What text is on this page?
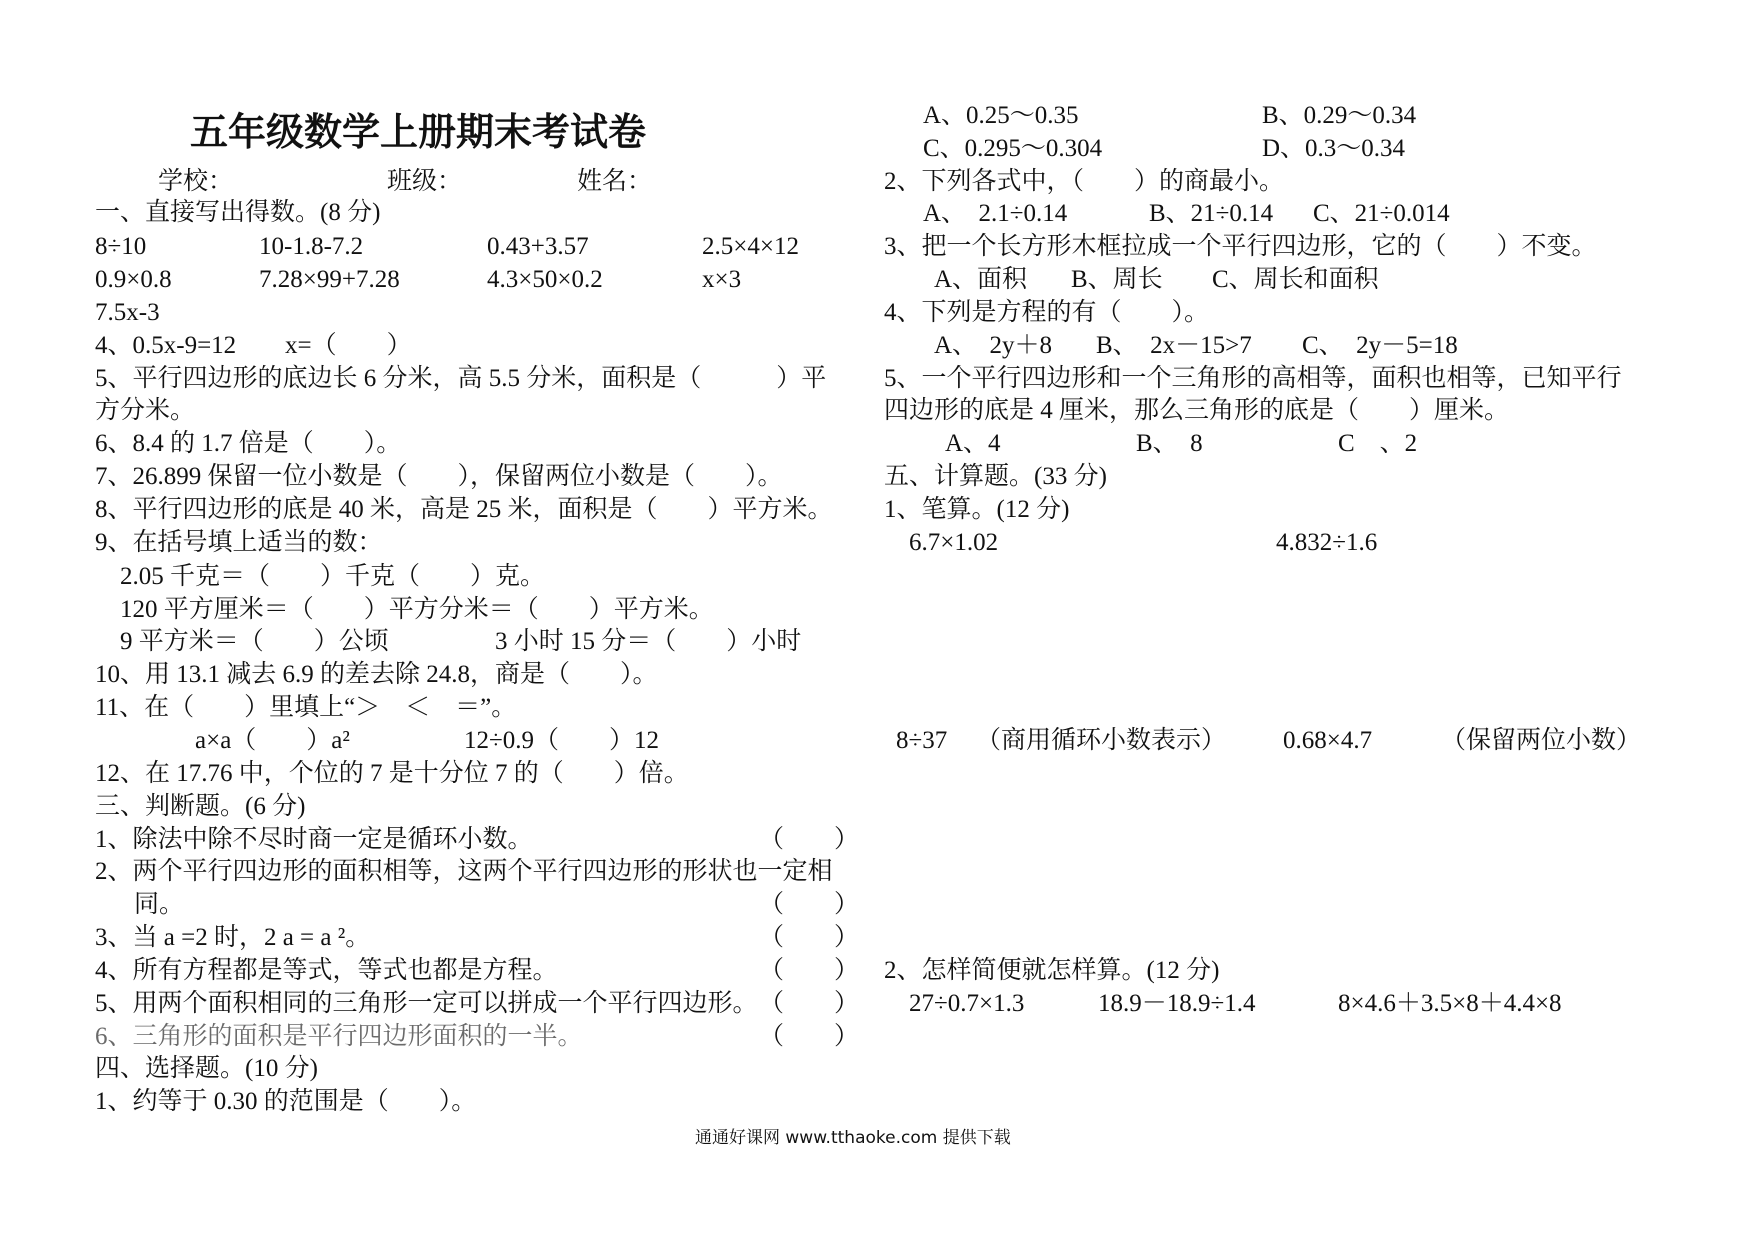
五年级数学上册期末考试卷
学校：	班级：	姓名：
一、直接写出得数。(8 分)
8÷10	10-1.8-7.2	0.43+3.57	2.5×4×12
0.9×0.8	7.28×99+7.28	4.3×50×0.2	x×3
7.5x-3
4、0.5x-9=12 x=（　　）
5、平行四边形的底边长 6 分米，高 5.5 分米，面积是（　　　）平
方分米。
6、8.4 的 1.7 倍是（　　）。
7、26.899 保留一位小数是（　　），保留两位小数是（　　）。
8、平行四边形的底是 40 米，高是 25 米，面积是（　　）平方米。
9、在括号填上适当的数：
2.05 千克＝（　　）千克（　　）克。
120 平方厘米＝（　　）平方分米＝（　　）平方米。
9 平方米＝（　　）公顷	3 小时 15 分＝（　　）小时
10、用 13.1 减去 6.9 的差去除 24.8，商是（　　）。
11、在（　　）里填上“＞　＜　＝”。
a×a（　　）a²	12÷0.9（　　）12
12、在 17.76 中，个位的 7 是十分位 7 的（　　）倍。
三、判断题。(6 分)
1、除法中除不尽时商一定是循环小数。	（　　）
2、两个平行四边形的面积相等，这两个平行四边形的形状也一定相
同。	（　　）
3、当 a =2 时，2 a = a ²。	（　　）
4、所有方程都是等式，等式也都是方程。	（　　）
5、用两个面积相同的三角形一定可以拼成一个平行四边形。 （　　）
6、三角形的面积是平行四边形面积的一半。	（　　）
四、选择题。(10 分)
1、约等于 0.30 的范围是（　　）。
A、0.25～0.35	B、0.29～0.34
C、0.295～0.304	D、0.3～0.34
2、下列各式中，（　　）的商最小。
A、　2.1÷0.14	B、21÷0.14 C、21÷0.014
3、把一个长方形木框拉成一个平行四边形，它的（　　）不变。
A、面积 B、周长 C、周长和面积
4、下列是方程的有（　　）。
A、　2y＋8 B、　2x－15>7 C、　2y－5=18
5、一个平行四边形和一个三角形的高相等，面积也相等，已知平行
四边形的底是 4 厘米，那么三角形的底是（　　）厘米。
A、4	B、　8	C　、2
五、计算题。(33 分)
1、笔算。(12 分)
6.7×1.02	4.832÷1.6
8÷37 （商用循环小数表示） 0.68×4.7	（保留两位小数）
2、怎样简便就怎样算。(12 分)
27÷0.7×1.3	18.9－18.9÷1.4	8×4.6＋3.5×8＋4.4×8
通通好课网 www.tthaoke.com 提供下载
